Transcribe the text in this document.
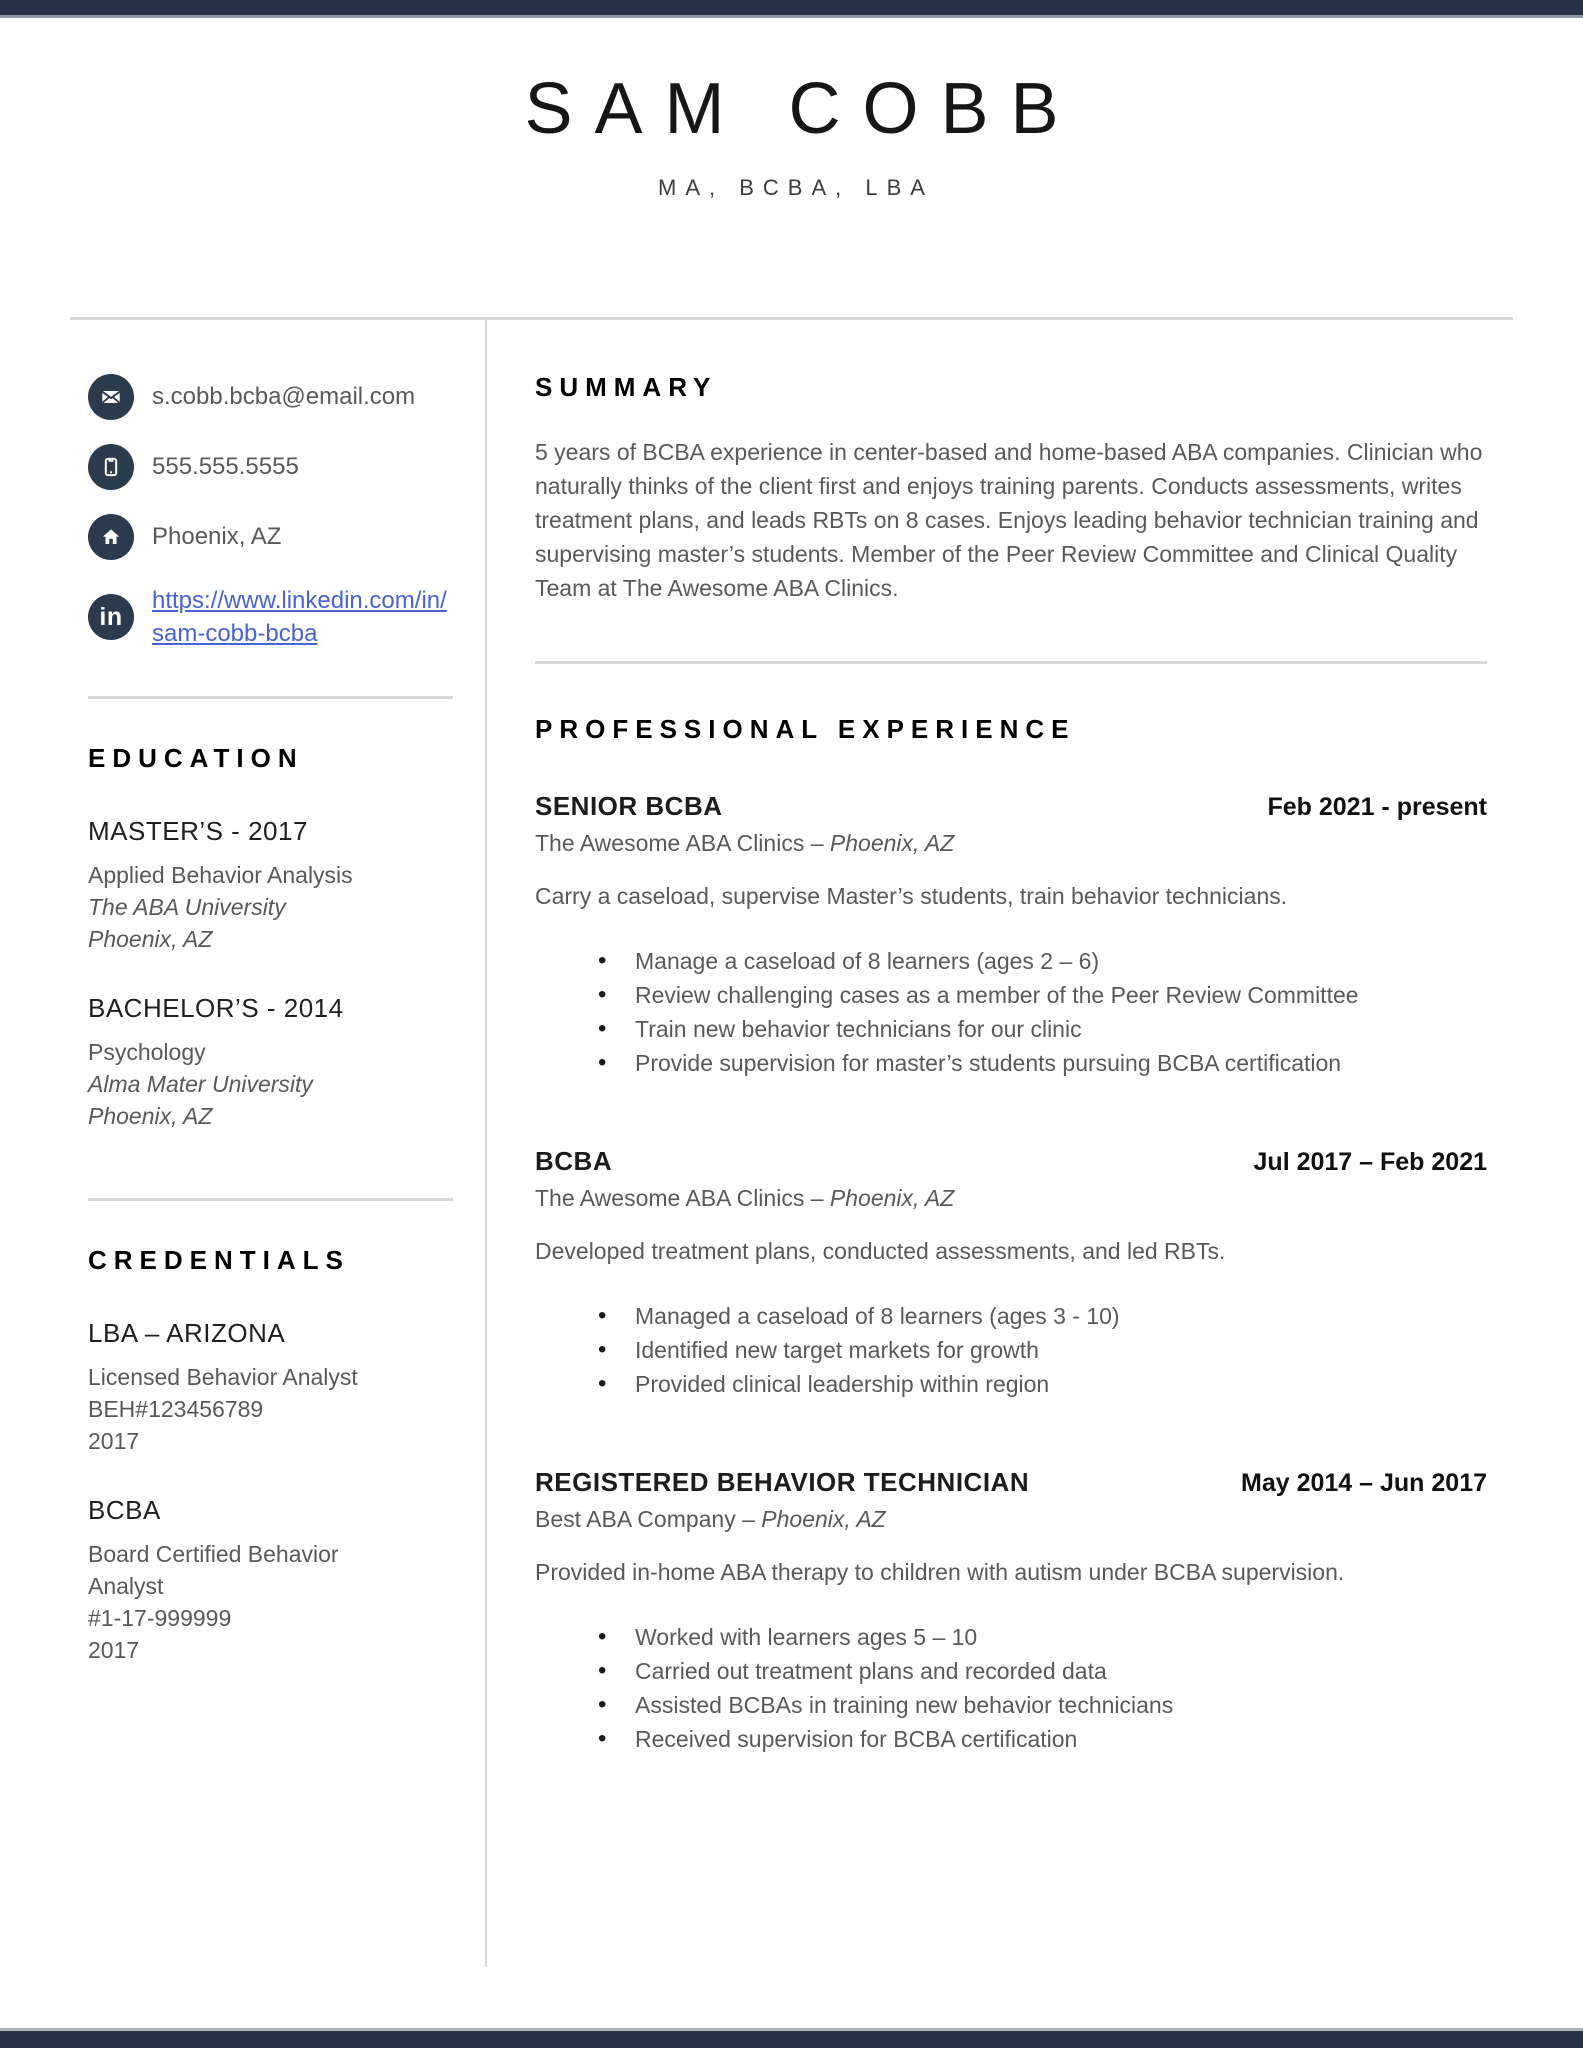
SAM COBB
MA, BCBA, LBA
s.cobb.bcba@email.com
555.555.5555
Phoenix, AZ
in
https://www.linkedin.com/in/sam-cobb-bcba
EDUCATION
MASTER’S - 2017

Applied Behavior Analysis

The ABA University

Phoenix, AZ

BACHELOR’S - 2014

Psychology

Alma Mater University

Phoenix, AZ

CREDENTIALS
LBA – ARIZONA

Licensed Behavior Analyst

BEH#123456789

2017

BCBA

Board Certified Behavior Analyst

#1-17-999999

2017

SUMMARY

5 years of BCBA experience in center-based and home-based ABA companies. Clinician who naturally thinks of the client first and enjoys training parents. Conducts assessments, writes treatment plans, and leads RBTs on 8 cases. Enjoys leading behavior technician training and supervising master’s students. Member of the Peer Review Committee and Clinical Quality Team at The Awesome ABA Clinics.

PROFESSIONAL EXPERIENCE
SENIOR BCBA	Feb 2021 - present

The Awesome ABA Clinics – Phoenix, AZ

Carry a caseload, supervise Master’s students, train behavior technicians.

• Manage a caseload of 8 learners (ages 2 – 6)
• Review challenging cases as a member of the Peer Review Committee
• Train new behavior technicians for our clinic
• Provide supervision for master’s students pursuing BCBA certification
BCBA	Jul 2017 – Feb 2021

The Awesome ABA Clinics – Phoenix, AZ

Developed treatment plans, conducted assessments, and led RBTs.

• Managed a caseload of 8 learners (ages 3 - 10)
• Identified new target markets for growth
• Provided clinical leadership within region
REGISTERED BEHAVIOR TECHNICIAN	May 2014 – Jun 2017

Best ABA Company – Phoenix, AZ

Provided in-home ABA therapy to children with autism under BCBA supervision.

• Worked with learners ages 5 – 10
• Carried out treatment plans and recorded data
• Assisted BCBAs in training new behavior technicians
• Received supervision for BCBA certification
